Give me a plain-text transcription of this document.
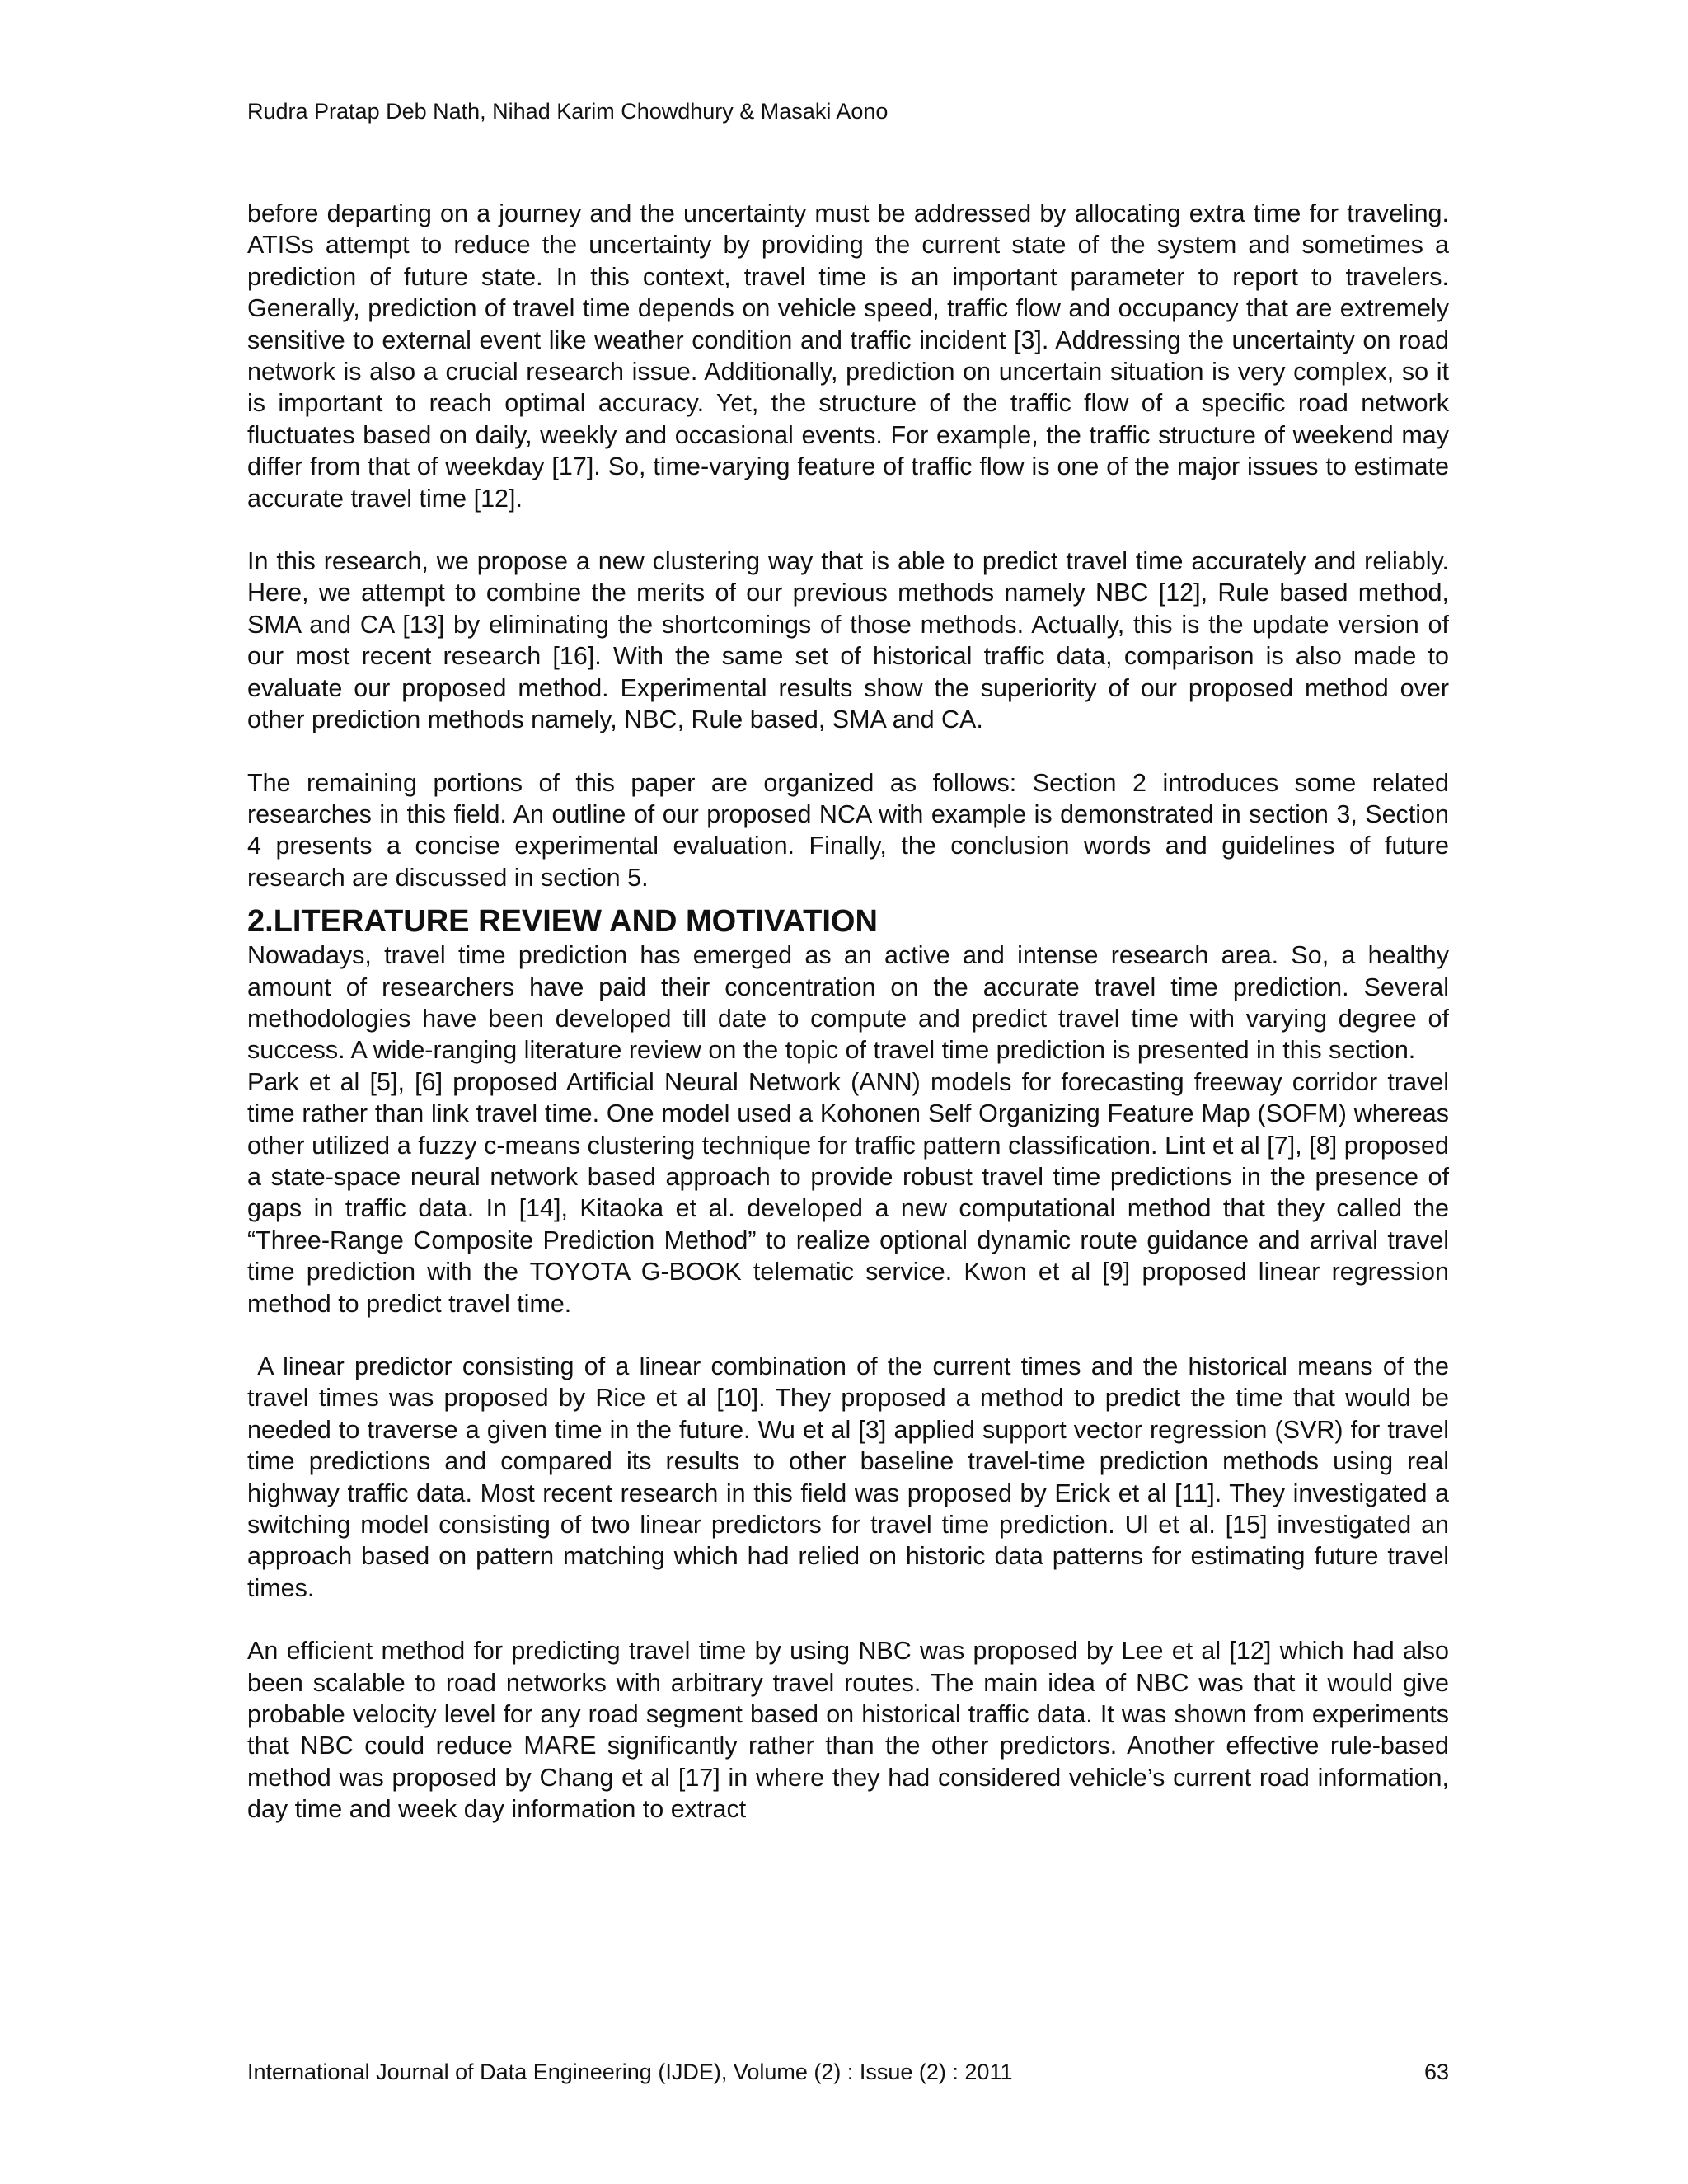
Rudra Pratap Deb Nath, Nihad Karim Chowdhury & Masaki Aono

before departing on a journey and the uncertainty must be addressed by allocating extra time for traveling. ATISs attempt to reduce the uncertainty by providing the current state of the system and sometimes a prediction of future state. In this context, travel time is an important parameter to report to travelers. Generally, prediction of travel time depends on vehicle speed, traffic flow and occupancy that are extremely sensitive to external event like weather condition and traffic incident [3]. Addressing the uncertainty on road network is also a crucial research issue. Additionally, prediction on uncertain situation is very complex, so it is important to reach optimal accuracy. Yet, the structure of the traffic flow of a specific road network fluctuates based on daily, weekly and occasional events. For example, the traffic structure of weekend may differ from that of weekday [17]. So, time-varying feature of traffic flow is one of the major issues to estimate accurate travel time [12].

In this research, we propose a new clustering way that is able to predict travel time accurately and reliably. Here, we attempt to combine the merits of our previous methods namely NBC [12], Rule based method, SMA and CA [13] by eliminating the shortcomings of those methods. Actually, this is the update version of our most recent research [16]. With the same set of historical traffic data, comparison is also made to evaluate our proposed method. Experimental results show the superiority of our proposed method over other prediction methods namely, NBC, Rule based, SMA and CA.

The remaining portions of this paper are organized as follows: Section 2 introduces some related researches in this field. An outline of our proposed NCA with example is demonstrated in section 3, Section 4 presents a concise experimental evaluation. Finally, the conclusion words and guidelines of future research are discussed in section 5.

2.LITERATURE REVIEW AND MOTIVATION

Nowadays, travel time prediction has emerged as an active and intense research area. So, a healthy amount of researchers have paid their concentration on the accurate travel time prediction. Several methodologies have been developed till date to compute and predict travel time with varying degree of success. A wide-ranging literature review on the topic of travel time prediction is presented in this section.

Park et al [5], [6] proposed Artificial Neural Network (ANN) models for forecasting freeway corridor travel time rather than link travel time. One model used a Kohonen Self Organizing Feature Map (SOFM) whereas other utilized a fuzzy c-means clustering technique for traffic pattern classification. Lint et al [7], [8] proposed a state-space neural network based approach to provide robust travel time predictions in the presence of gaps in traffic data. In [14], Kitaoka et al. developed a new computational method that they called the “Three-Range Composite Prediction Method” to realize optional dynamic route guidance and arrival travel time prediction with the TOYOTA G-BOOK telematic service. Kwon et al [9] proposed linear regression method to predict travel time.

A linear predictor consisting of a linear combination of the current times and the historical means of the travel times was proposed by Rice et al [10]. They proposed a method to predict the time that would be needed to traverse a given time in the future. Wu et al [3] applied support vector regression (SVR) for travel time predictions and compared its results to other baseline travel-time prediction methods using real highway traffic data. Most recent research in this field was proposed by Erick et al [11]. They investigated a switching model consisting of two linear predictors for travel time prediction. Ul et al. [15] investigated an approach based on pattern matching which had relied on historic data patterns for estimating future travel times.

An efficient method for predicting travel time by using NBC was proposed by Lee et al [12] which had also been scalable to road networks with arbitrary travel routes. The main idea of NBC was that it would give probable velocity level for any road segment based on historical traffic data. It was shown from experiments that NBC could reduce MARE significantly rather than the other predictors. Another effective rule-based method was proposed by Chang et al [17] in where they had considered vehicle’s current road information, day time and week day information to extract

International Journal of Data Engineering (IJDE), Volume (2) : Issue (2) : 2011	63
